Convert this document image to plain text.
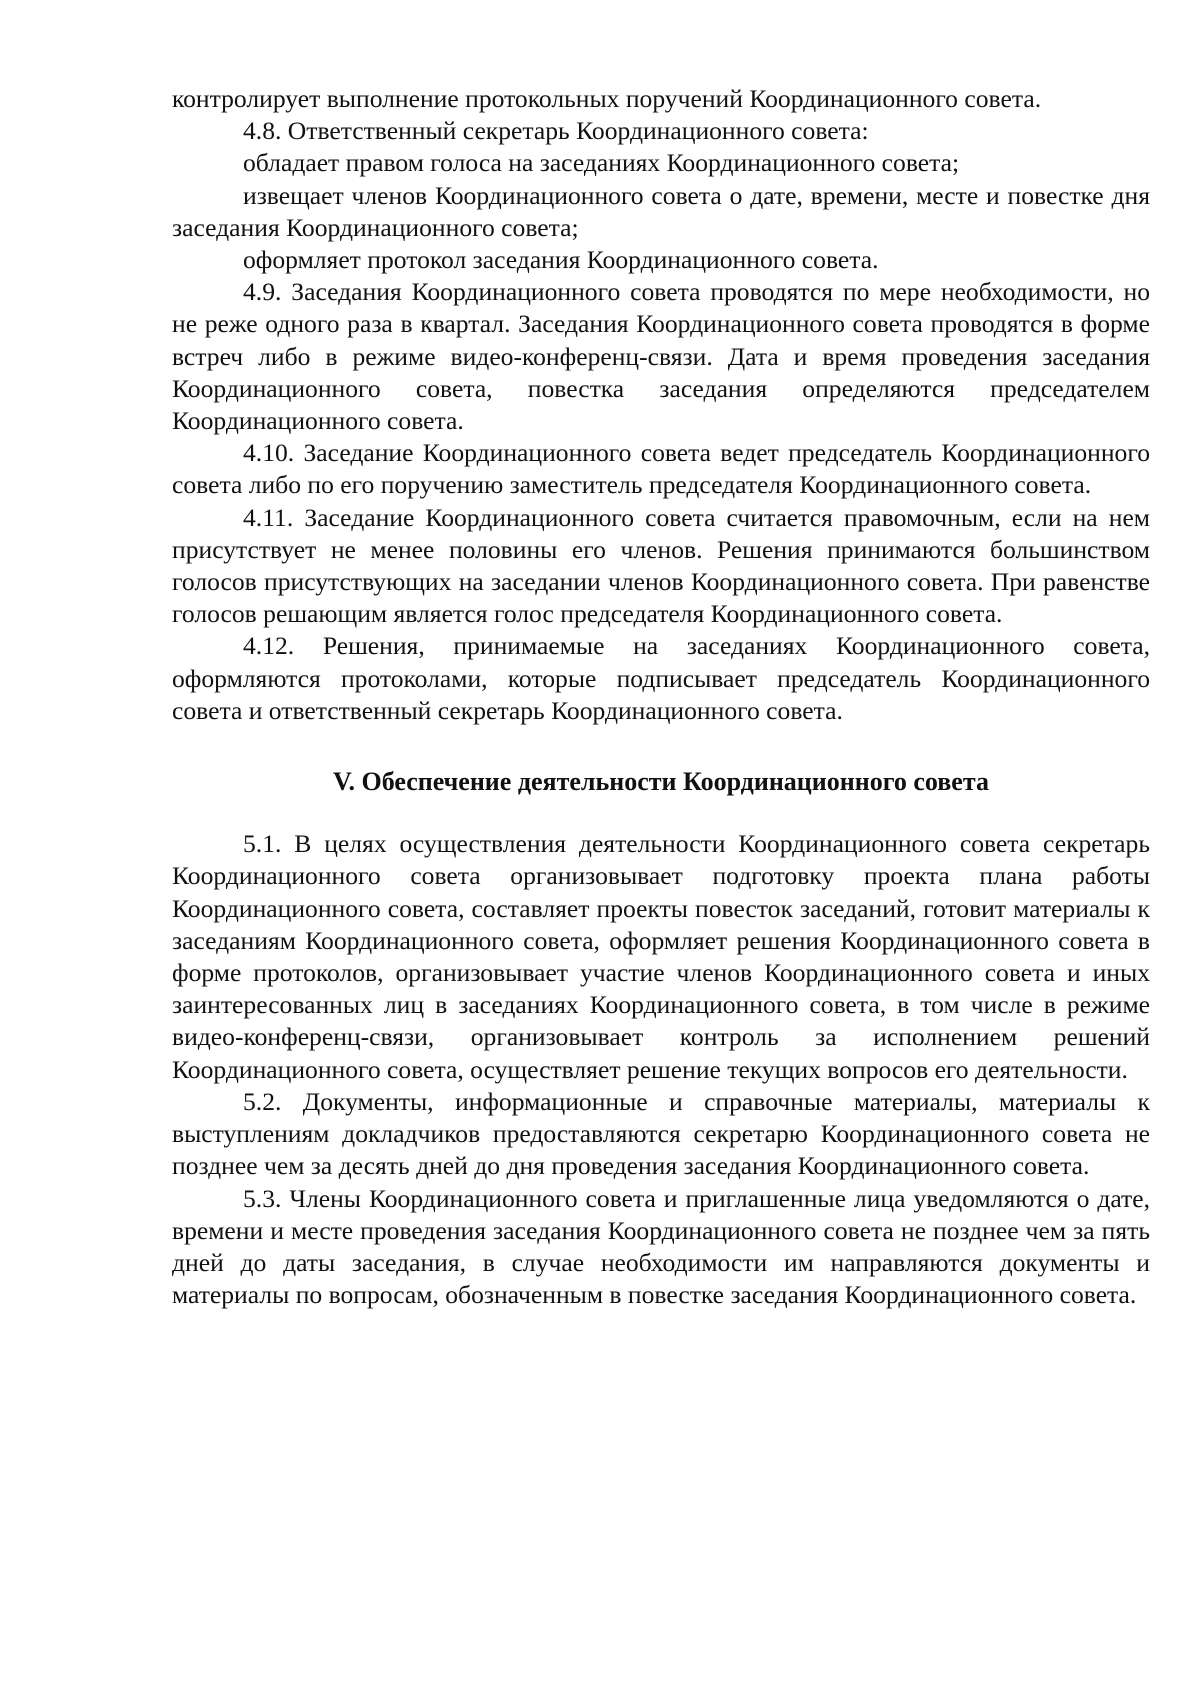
контролирует выполнение протокольных поручений Координационного совета.

4.8. Ответственный секретарь Координационного совета:

обладает правом голоса на заседаниях Координационного совета;

извещает членов Координационного совета о дате, времени, месте и повестке дня заседания Координационного совета;

оформляет протокол заседания Координационного совета.

4.9. Заседания Координационного совета проводятся по мере необходимости, но не реже одного раза в квартал. Заседания Координационного совета проводятся в форме встреч либо в режиме видео-конференц-связи. Дата и время проведения заседания Координационного совета, повестка заседания определяются председателем Координационного совета.

4.10. Заседание Координационного совета ведет председатель Координационного совета либо по его поручению заместитель председателя Координационного совета.

4.11. Заседание Координационного совета считается правомочным, если на нем присутствует не менее половины его членов. Решения принимаются большинством голосов присутствующих на заседании членов Координационного совета. При равенстве голосов решающим является голос председателя Координационного совета.

4.12. Решения, принимаемые на заседаниях Координационного совета, оформляются протоколами, которые подписывает председатель Координационного совета и ответственный секретарь Координационного совета.

V. Обеспечение деятельности Координационного совета

5.1. В целях осуществления деятельности Координационного совета секретарь Координационного совета организовывает подготовку проекта плана работы Координационного совета, составляет проекты повесток заседаний, готовит материалы к заседаниям Координационного совета, оформляет решения Координационного совета в форме протоколов, организовывает участие членов Координационного совета и иных заинтересованных лиц в заседаниях Координационного совета, в том числе в режиме видео-конференц-связи, организовывает контроль за исполнением решений Координационного совета, осуществляет решение текущих вопросов его деятельности.

5.2. Документы, информационные и справочные материалы, материалы к выступлениям докладчиков предоставляются секретарю Координационного совета не позднее чем за десять дней до дня проведения заседания Координационного совета.

5.3. Члены Координационного совета и приглашенные лица уведомляются о дате, времени и месте проведения заседания Координационного совета не позднее чем за пять дней до даты заседания, в случае необходимости им направляются документы и материалы по вопросам, обозначенным в повестке заседания Координационного совета.
